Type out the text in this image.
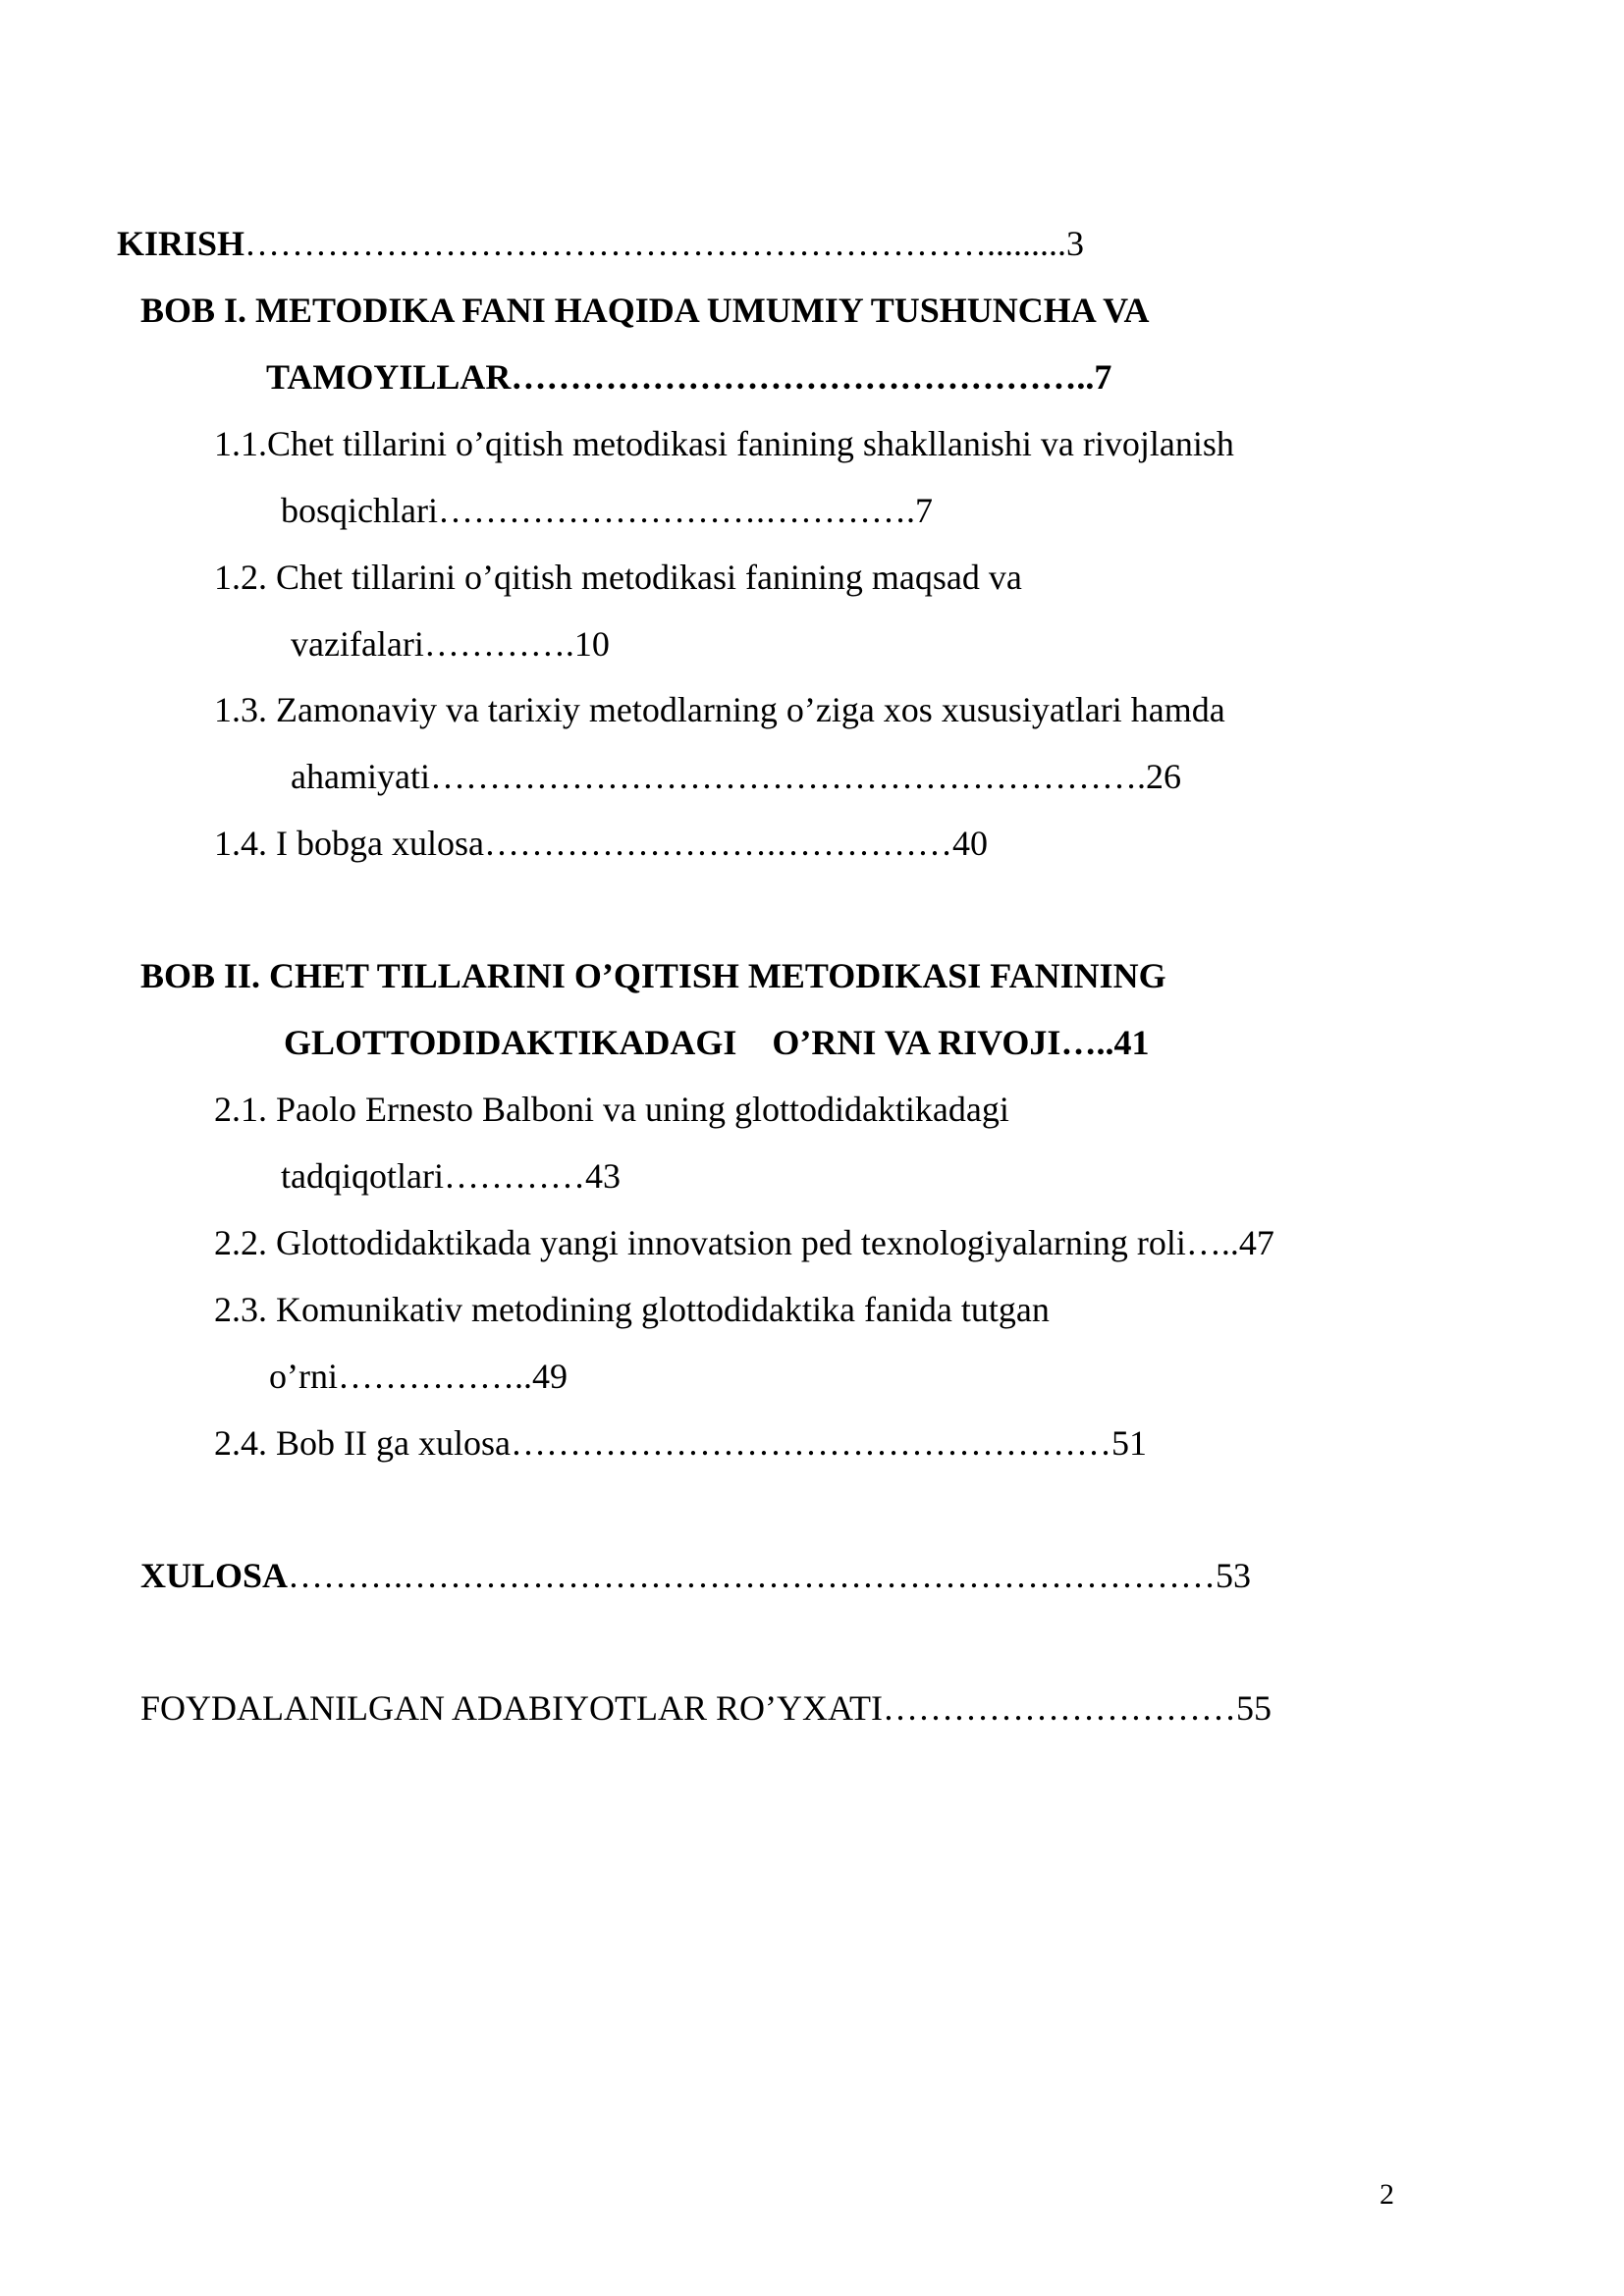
KIRISH……………………………………………………….........3
BOB I. METODIKA FANI HAQIDA UMUMIY TUSHUNCHA VA
TAMOYILLAR…………………………………………..7
1.1.Chet tillarini o’qitish metodikasi fanining shakllanishi va rivojlanish
bosqichlari……………………….………….7
1.2. Chet tillarini o’qitish metodikasi fanining maqsad va
vazifalari………….10
1.3. Zamonaviy va tarixiy metodlarning o’ziga xos xususiyatlari hamda
ahamiyati…………………………………………………….26
1.4. I bobga xulosa…………………….……………40
BOB II. CHET TILLARINI O’QITISH METODIKASI FANINING
GLOTTODIDAKTIKADAGI    O’RNI VA RIVOJI…..41
2.1. Paolo Ernesto Balboni va uning glottodidaktikadagi
tadqiqotlari…………43
2.2. Glottodidaktikada yangi innovatsion ped texnologiyalarning roli…..47
2.3. Komunikativ metodining glottodidaktika fanida tutgan
o’rni……………..49
2.4. Bob II ga xulosa……………………………………………51
XULOSA……….……………………………………………………………53
FOYDALANILGAN ADABIYOTLAR RO’YXATI…………………………55
2
